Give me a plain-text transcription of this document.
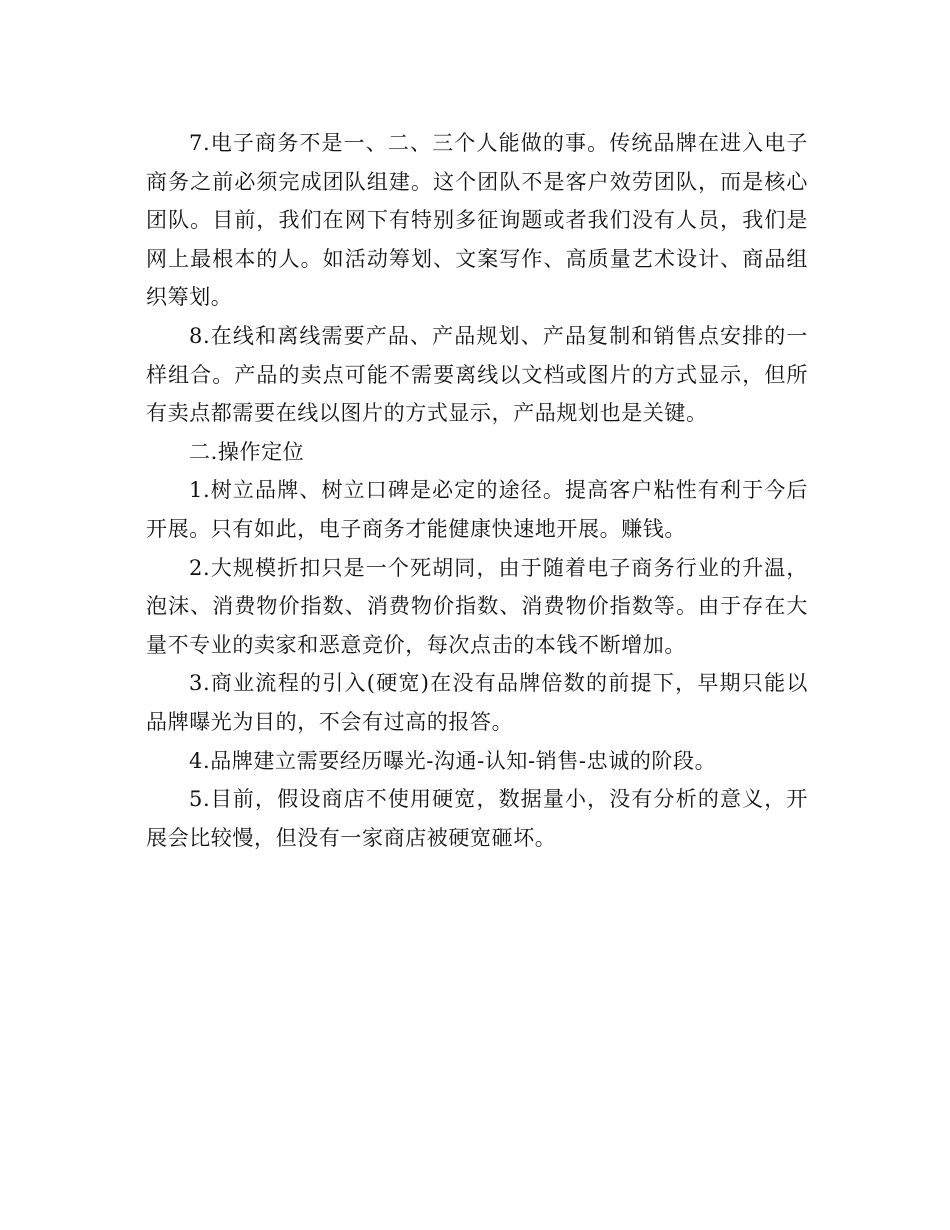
7.电子商务不是一、二、三个人能做的事。传统品牌在进入电子商务之前必须完成团队组建。这个团队不是客户效劳团队，而是核心团队。目前，我们在网下有特别多征询题或者我们没有人员，我们是网上最根本的人。如活动筹划、文案写作、高质量艺术设计、商品组织筹划。

8.在线和离线需要产品、产品规划、产品复制和销售点安排的一样组合。产品的卖点可能不需要离线以文档或图片的方式显示，但所有卖点都需要在线以图片的方式显示，产品规划也是关键。

二.操作定位

1.树立品牌、树立口碑是必定的途径。提高客户粘性有利于今后开展。只有如此，电子商务才能健康快速地开展。赚钱。

2.大规模折扣只是一个死胡同，由于随着电子商务行业的升温，泡沫、消费物价指数、消费物价指数、消费物价指数等。由于存在大量不专业的卖家和恶意竞价，每次点击的本钱不断增加。

3.商业流程的引入(硬宽)在没有品牌倍数的前提下，早期只能以品牌曝光为目的，不会有过高的报答。

4.品牌建立需要经历曝光-沟通-认知-销售-忠诚的阶段。

5.目前，假设商店不使用硬宽，数据量小，没有分析的意义，开展会比较慢，但没有一家商店被硬宽砸坏。
